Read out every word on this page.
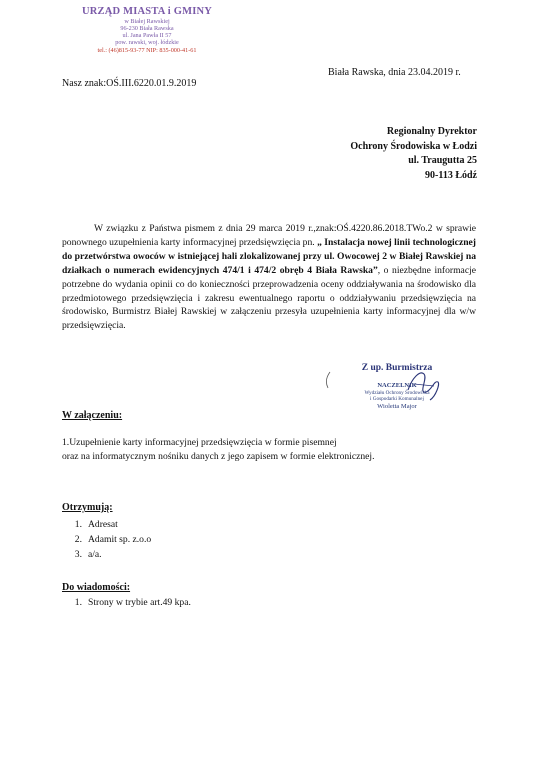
URZĄD MIASTA i GMINY
w Białej Rawskiej
96-230 Biała Rawska
ul. Jana Pawła II 57
pow. rawski, woj. łódzkie
tel.: (46)815-93-77 NIP: 835-000-41-61
Nasz znak:OŚ.III.6220.01.9.2019
Biała Rawska, dnia 23.04.2019 r.
Regionalny Dyrektor
Ochrony Środowiska w Łodzi
ul. Traugutta 25
90-113 Łódź

W związku z Państwa pismem z dnia 29 marca 2019 r.,znak:OŚ.4220.86.2018.TWo.2 w sprawie ponownego uzupełnienia karty informacyjnej przedsięwzięcia pn. „ Instalacja nowej linii technologicznej do przetwórstwa owoców w istniejącej hali zlokalizowanej przy ul. Owocowej 2 w Białej Rawskiej na działkach o numerach ewidencyjnych 474/1 i 474/2 obręb 4 Biała Rawska”, o niezbędne informacje potrzebne do wydania opinii co do konieczności przeprowadzenia oceny oddziaływania na środowisko dla przedmiotowego przedsięwzięcia i zakresu ewentualnego raportu o oddziaływaniu przedsięwzięcia na środowisko, Burmistrz Białej Rawskiej w załączeniu przesyła uzupełnienia karty informacyjnej dla w/w przedsięwzięcia.

Z up. Burmistrza
NACZELNIK
Wydziału Ochrony Środowiska
i Gospodarki Komunalnej
Wioletta Major
W załączeniu:
1.Uzupełnienie karty informacyjnej przedsięwzięcia w formie pisemnej
oraz na informatycznym nośniku danych z jego zapisem w formie elektronicznej.
Otrzymują:
1. Adresat
2. Adamit sp. z.o.o
3. a/a.
Do wiadomości:
1. Strony w trybie art.49 kpa.
